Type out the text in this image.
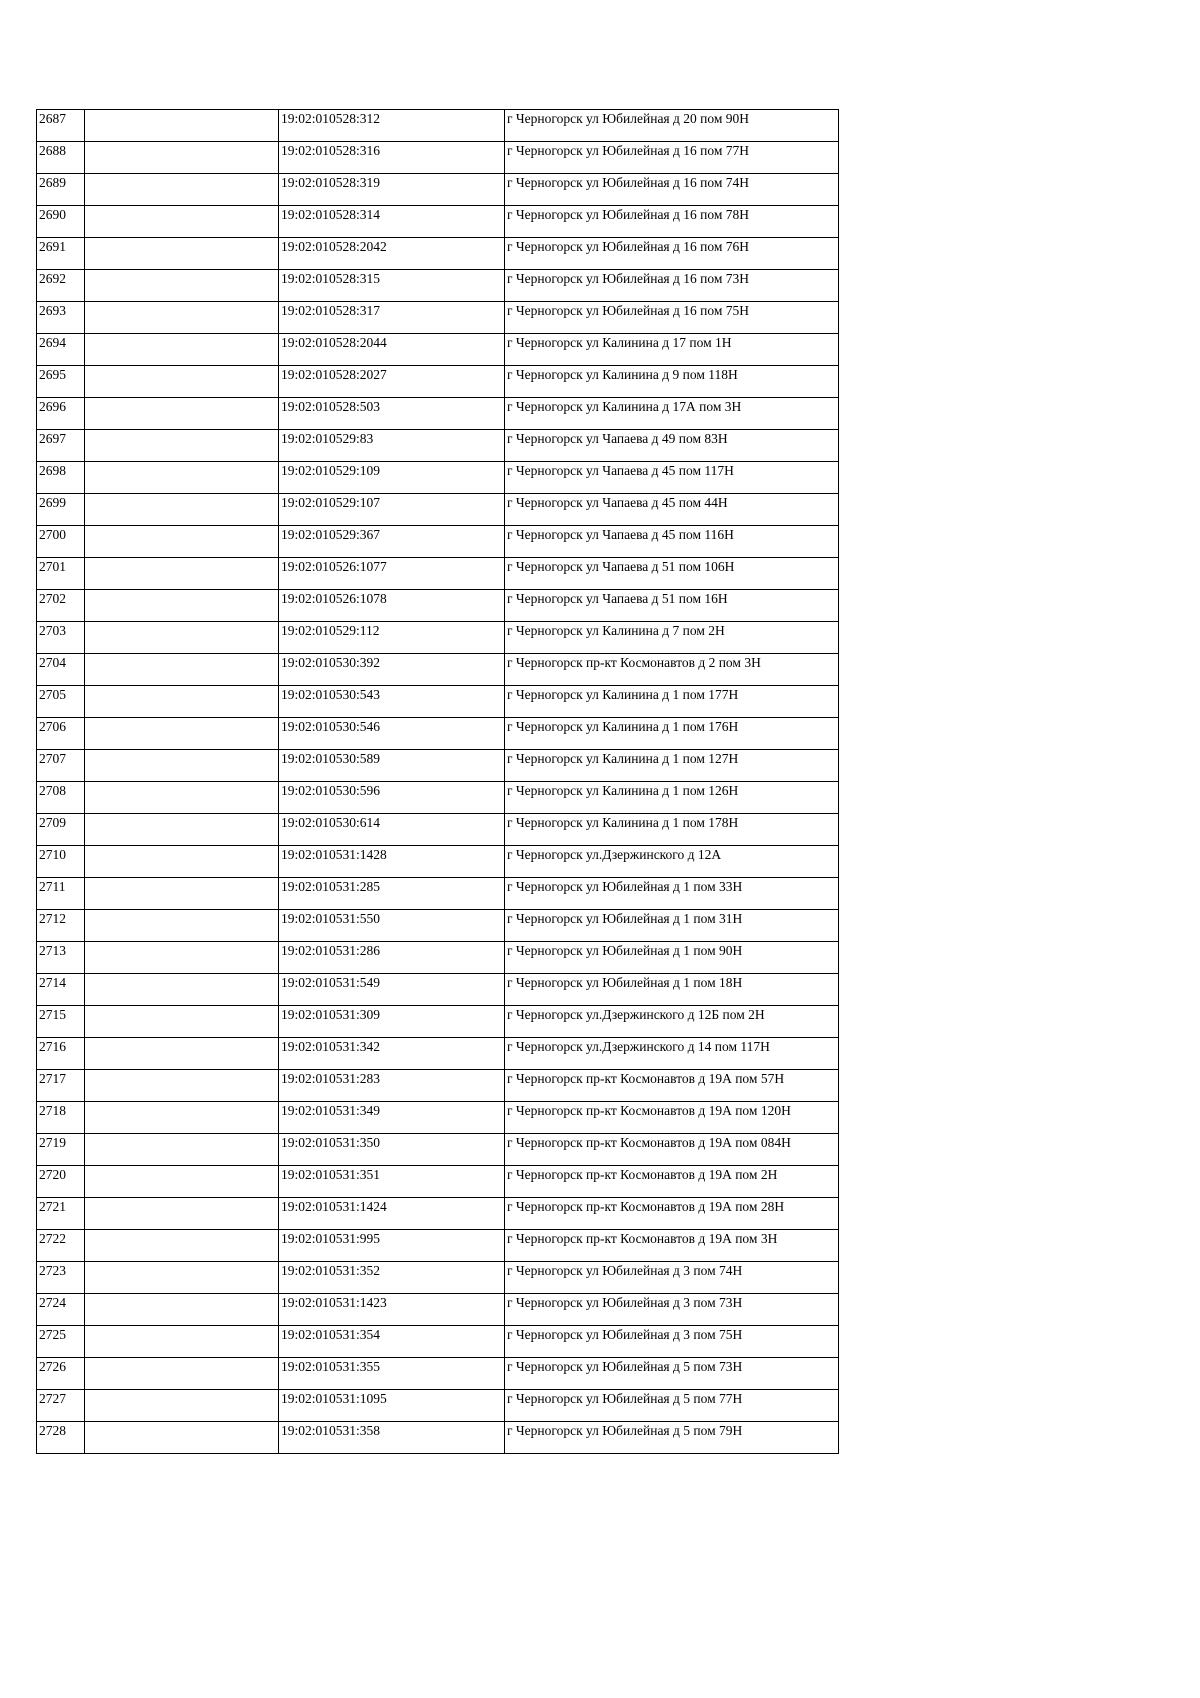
2687		19:02:010528:312	г Черногорск ул Юбилейная д 20 пом 90Н
2688		19:02:010528:316	г Черногорск ул Юбилейная д 16 пом 77Н
2689		19:02:010528:319	г Черногорск ул Юбилейная д 16 пом 74Н
2690		19:02:010528:314	г Черногорск ул Юбилейная д 16 пом 78Н
2691		19:02:010528:2042	г Черногорск ул Юбилейная д 16 пом 76Н
2692		19:02:010528:315	г Черногорск ул Юбилейная д 16 пом 73Н
2693		19:02:010528:317	г Черногорск ул Юбилейная д 16 пом 75Н
2694		19:02:010528:2044	г Черногорск ул Калинина д 17 пом 1Н
2695		19:02:010528:2027	г Черногорск ул Калинина д 9 пом 118Н
2696		19:02:010528:503	г Черногорск ул Калинина д 17А пом 3Н
2697		19:02:010529:83	г Черногорск ул Чапаева д 49 пом 83Н
2698		19:02:010529:109	г Черногорск ул Чапаева д 45 пом 117Н
2699		19:02:010529:107	г Черногорск ул Чапаева д 45 пом 44Н
2700		19:02:010529:367	г Черногорск ул Чапаева д 45 пом 116Н
2701		19:02:010526:1077	г Черногорск ул Чапаева д 51 пом 106Н
2702		19:02:010526:1078	г Черногорск ул Чапаева д 51 пом 16Н
2703		19:02:010529:112	г Черногорск ул Калинина д 7 пом 2Н
2704		19:02:010530:392	г Черногорск пр-кт Космонавтов д 2 пом 3Н
2705		19:02:010530:543	г Черногорск ул Калинина д 1 пом 177Н
2706		19:02:010530:546	г Черногорск ул Калинина д 1 пом 176Н
2707		19:02:010530:589	г Черногорск ул Калинина д 1 пом 127Н
2708		19:02:010530:596	г Черногорск ул Калинина д 1 пом 126Н
2709		19:02:010530:614	г Черногорск ул Калинина д 1 пом 178Н
2710		19:02:010531:1428	г Черногорск ул.Дзержинского д 12А
2711		19:02:010531:285	г Черногорск ул Юбилейная д 1 пом 33Н
2712		19:02:010531:550	г Черногорск ул Юбилейная д 1 пом 31Н
2713		19:02:010531:286	г Черногорск ул Юбилейная д 1 пом 90Н
2714		19:02:010531:549	г Черногорск ул Юбилейная д 1 пом 18Н
2715		19:02:010531:309	г Черногорск ул.Дзержинского д 12Б пом 2Н
2716		19:02:010531:342	г Черногорск ул.Дзержинского д 14 пом 117Н
2717		19:02:010531:283	г Черногорск пр-кт Космонавтов д 19А пом 57Н
2718		19:02:010531:349	г Черногорск пр-кт Космонавтов д 19А пом 120Н
2719		19:02:010531:350	г Черногорск пр-кт Космонавтов д 19А пом 084Н
2720		19:02:010531:351	г Черногорск пр-кт Космонавтов д 19А пом 2Н
2721		19:02:010531:1424	г Черногорск пр-кт Космонавтов д 19А пом 28Н
2722		19:02:010531:995	г Черногорск пр-кт Космонавтов д 19А пом 3Н
2723		19:02:010531:352	г Черногорск ул Юбилейная д 3 пом 74Н
2724		19:02:010531:1423	г Черногорск ул Юбилейная д 3 пом 73Н
2725		19:02:010531:354	г Черногорск ул Юбилейная д 3 пом 75Н
2726		19:02:010531:355	г Черногорск ул Юбилейная д 5 пом 73Н
2727		19:02:010531:1095	г Черногорск ул Юбилейная д 5 пом 77Н
2728		19:02:010531:358	г Черногорск ул Юбилейная д 5 пом 79Н
